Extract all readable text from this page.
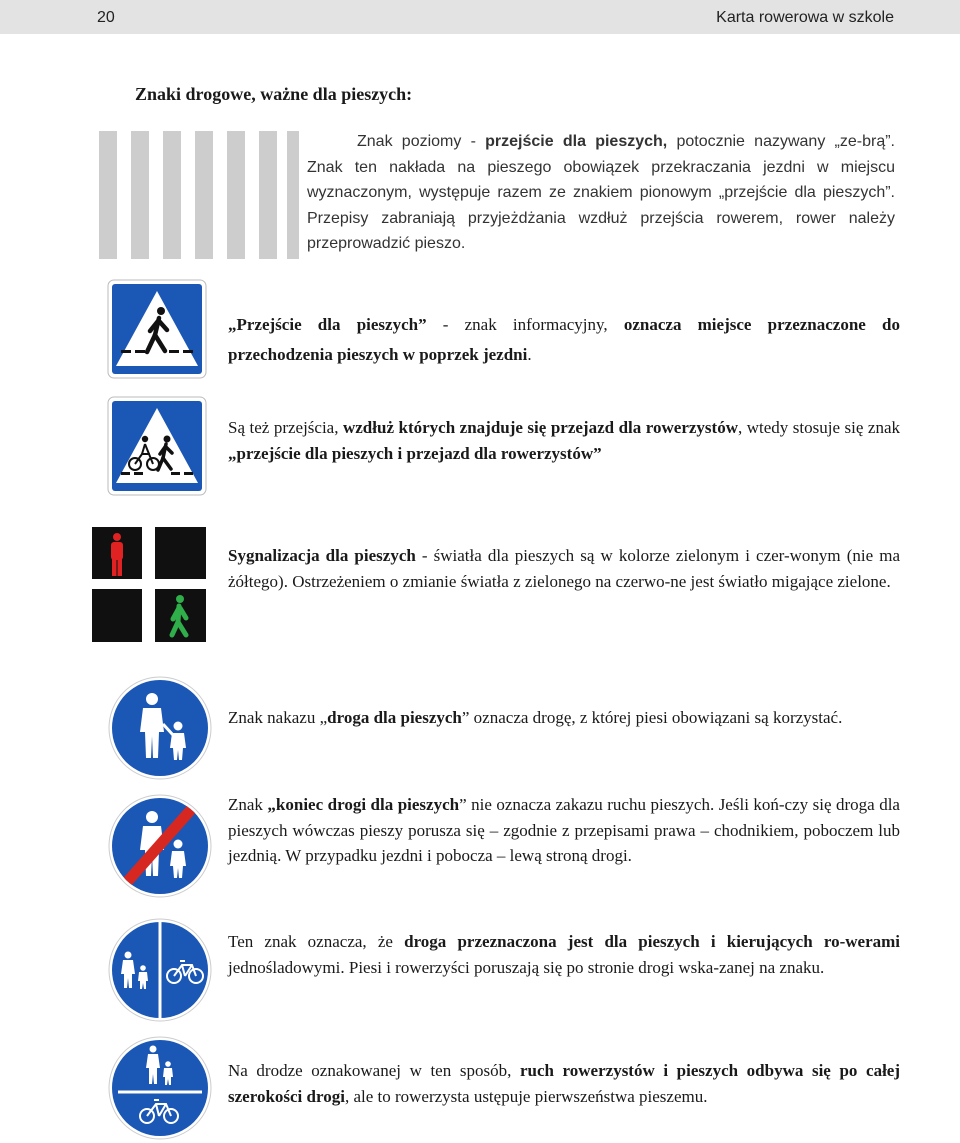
20	Karta rowerowa w szkole
Znaki drogowe, ważne dla pieszych:
Znak poziomy - przejście dla pieszych, potocznie nazywany „ze-brą”. Znak ten nakłada na pieszego obowiązek przekraczania jezdni w miejscu wyznaczonym, występuje razem ze znakiem pionowym „przejście dla pieszych”. Przepisy zabraniają przyjeżdżania wzdłuż przejścia rowerem, rower należy przeprowadzić pieszo.
„Przejście dla pieszych” - znak informacyjny, oznacza miejsce przeznaczone do przechodzenia pieszych w poprzek jezdni.
Są też przejścia, wzdłuż których znajduje się przejazd dla rowerzystów, wtedy stosuje się znak „przejście dla pieszych i przejazd dla rowerzystów”
Sygnalizacja dla pieszych - światła dla pieszych są w kolorze zielonym i czer-wonym (nie ma żółtego). Ostrzeżeniem o zmianie światła z zielonego na czerwo-ne jest światło migające zielone.
Znak nakazu „droga dla pieszych” oznacza drogę, z której piesi obowiązani są korzystać.
Znak „koniec drogi dla pieszych” nie oznacza zakazu ruchu pieszych. Jeśli koń-czy się droga dla pieszych wówczas pieszy porusza się – zgodnie z przepisami prawa – chodnikiem, poboczem lub jezdnią. W przypadku jezdni i pobocza – lewą stroną drogi.
Ten znak oznacza, że droga przeznaczona jest dla pieszych i kierujących ro-werami jednośladowymi. Piesi i rowerzyści poruszają się po stronie drogi wska-zanej na znaku.
Na drodze oznakowanej w ten sposób, ruch rowerzystów i pieszych odbywa się po całej szerokości drogi, ale to rowerzysta ustępuje pierwszeństwa pieszemu.
